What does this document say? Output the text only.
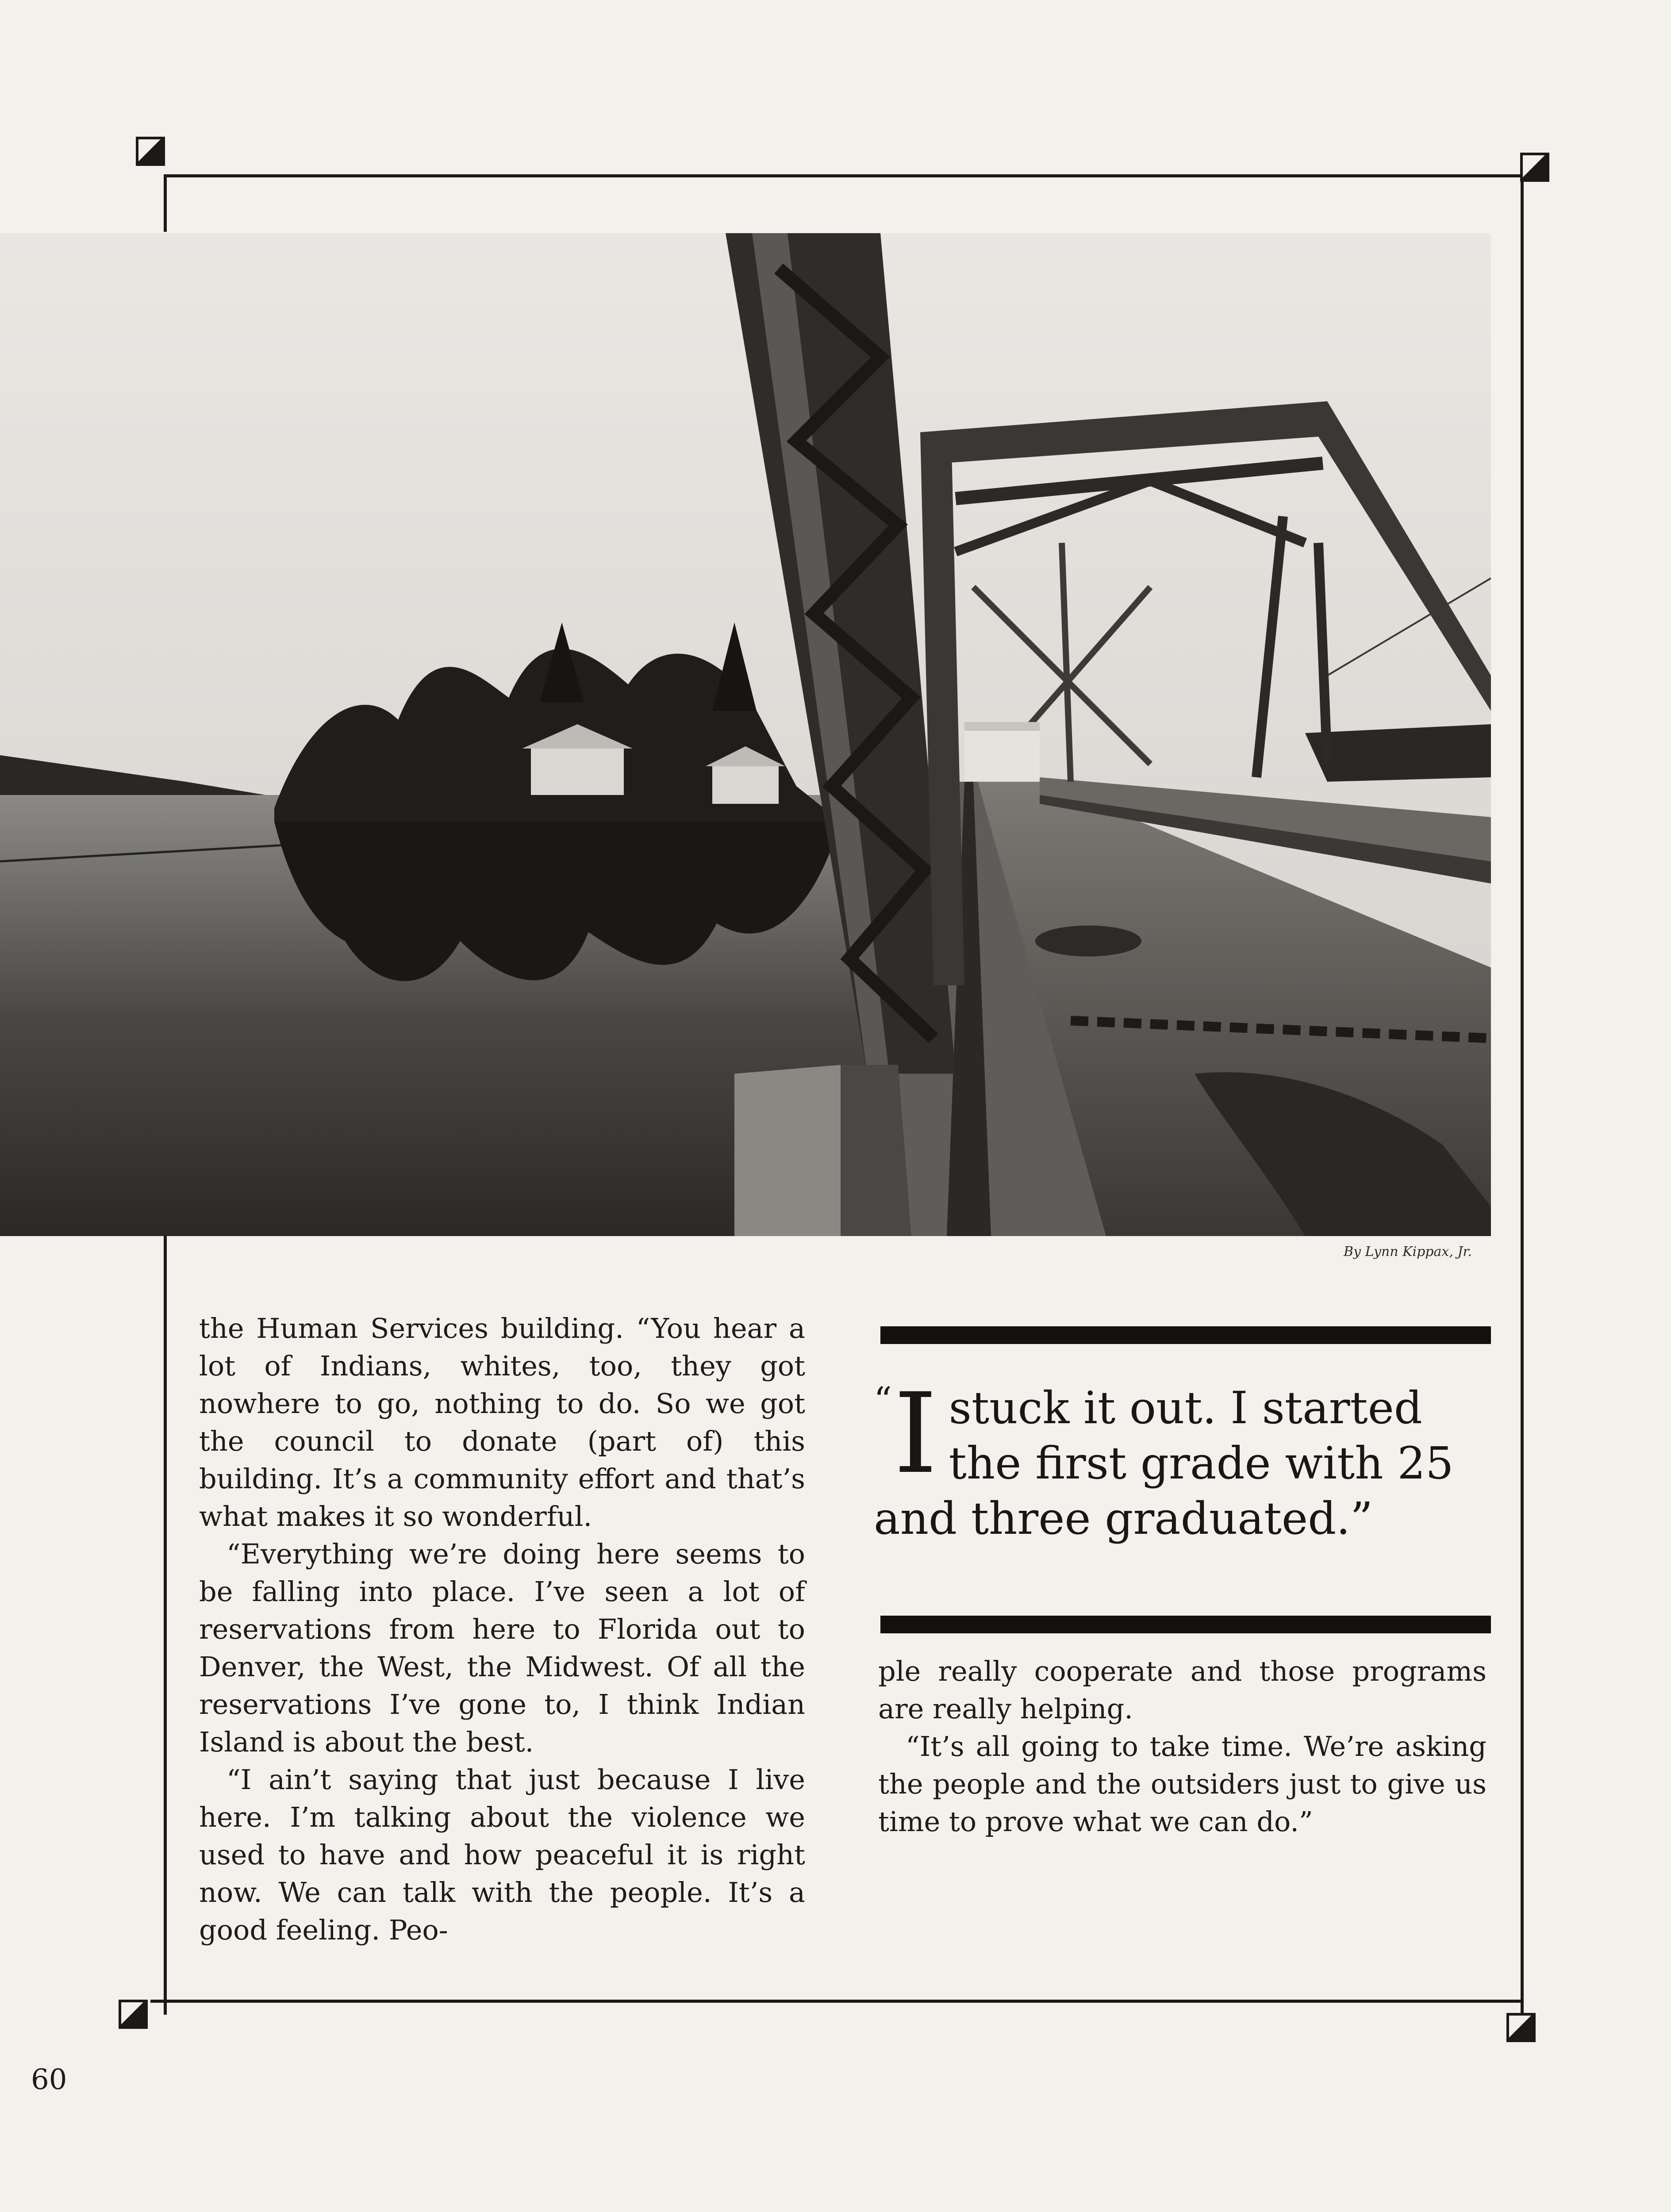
By Lynn Kippax, Jr.

the Human Services building. “You hear a lot of Indians, whites, too, they got nowhere to go, nothing to do. So we got the council to donate (part of) this building. It’s a community effort and that’s what makes it so wonderful.

“Everything we’re doing here seems to be falling into place. I’ve seen a lot of reservations from here to Florida out to Denver, the West, the Midwest. Of all the reservations I’ve gone to, I think Indian Island is about the best.

“I ain’t saying that just because I live here. I’m talking about the violence we used to have and how peaceful it is right now. We can talk with the people. It’s a good feeling. Peo-

“ I stuck it out. I started the first grade with 25 and three graduated.”

ple really cooperate and those programs are really helping.

“It’s all going to take time. We’re asking the people and the outsiders just to give us time to prove what we can do.”

60
